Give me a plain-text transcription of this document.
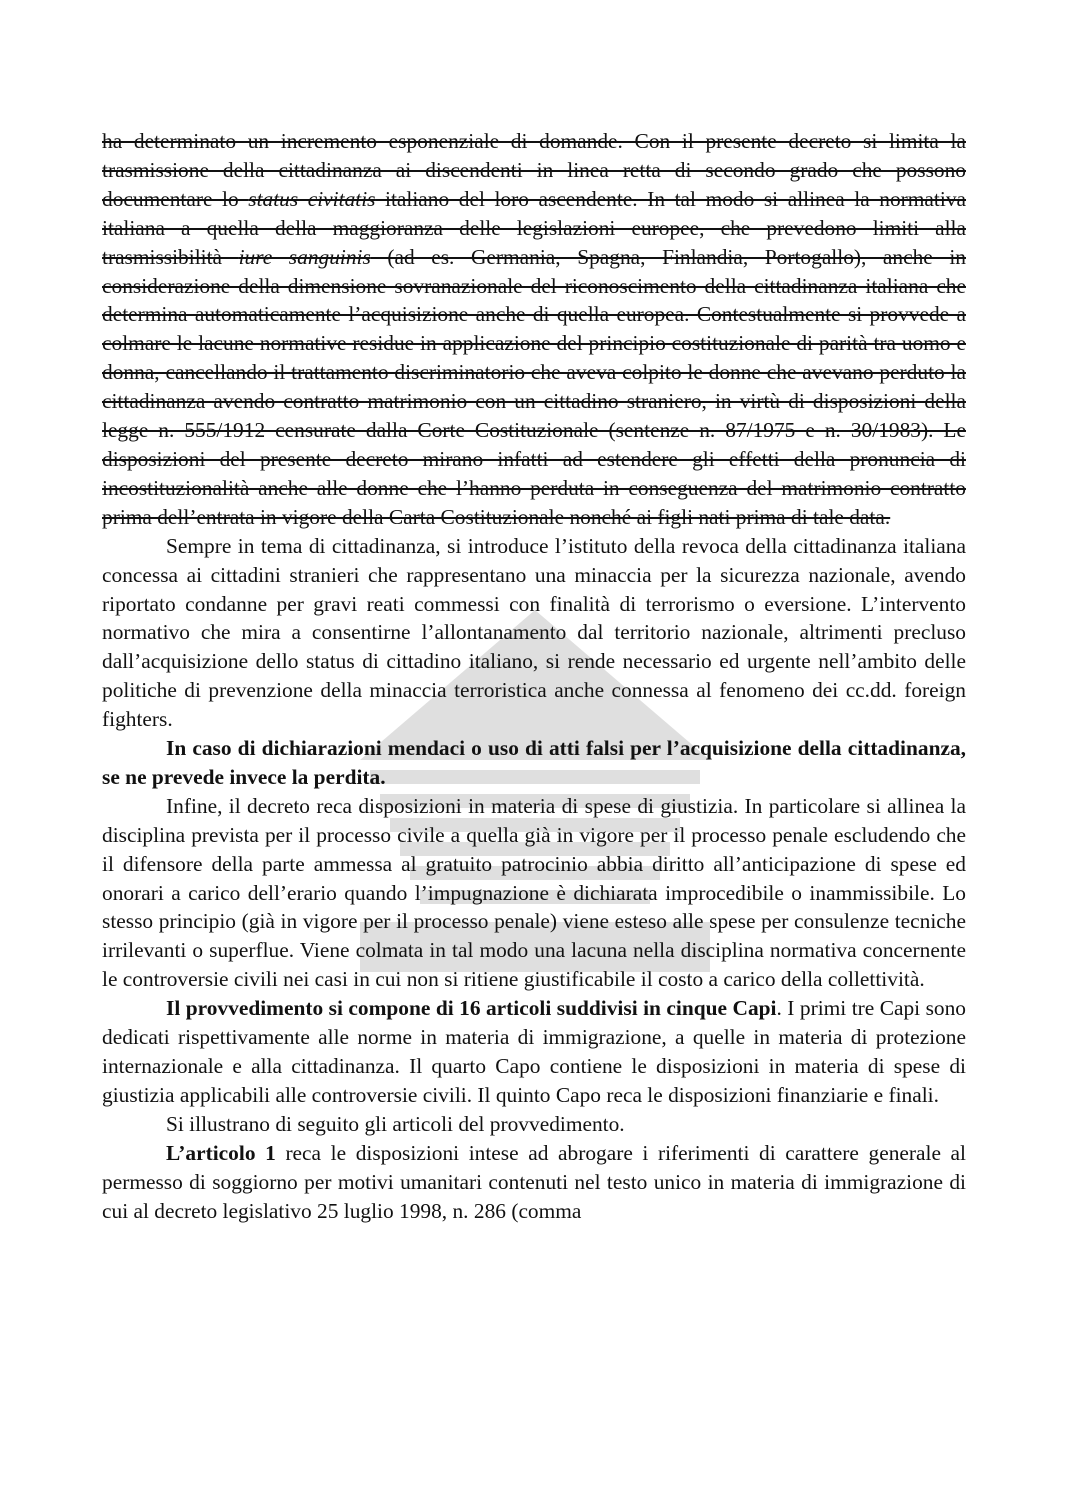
ha determinato un incremento esponenziale di domande. Con il presente decreto si limita la trasmissione della cittadinanza ai discendenti in linea retta di secondo grado che possono documentare lo status civitatis italiano del loro ascendente. In tal modo si allinea la normativa italiana a quella della maggioranza delle legislazioni europee, che prevedono limiti alla trasmissibilità iure sanguinis (ad es. Germania, Spagna, Finlandia, Portogallo), anche in considerazione della dimensione sovranazionale del riconoscimento della cittadinanza italiana che determina automaticamente l’acquisizione anche di quella europea. Contestualmente si provvede a colmare le lacune normative residue in applicazione del principio costituzionale di parità tra uomo e donna, cancellando il trattamento discriminatorio che aveva colpito le donne che avevano perduto la cittadinanza avendo contratto matrimonio con un cittadino straniero, in virtù di disposizioni della legge n. 555/1912 censurate dalla Corte Costituzionale (sentenze n. 87/1975 e n. 30/1983). Le disposizioni del presente decreto mirano infatti ad estendere gli effetti della pronuncia di incostituzionalità anche alle donne che l’hanno perduta in conseguenza del matrimonio contratto prima dell’entrata in vigore della Carta Costituzionale nonché ai figli nati prima di tale data.

Sempre in tema di cittadinanza, si introduce l’istituto della revoca della cittadinanza italiana concessa ai cittadini stranieri che rappresentano una minaccia per la sicurezza nazionale, avendo riportato condanne per gravi reati commessi con finalità di terrorismo o eversione. L’intervento normativo che mira a consentirne l’allontanamento dal territorio nazionale, altrimenti precluso dall’acquisizione dello status di cittadino italiano, si rende necessario ed urgente nell’ambito delle politiche di prevenzione della minaccia terroristica anche connessa al fenomeno dei cc.dd. foreign fighters.

In caso di dichiarazioni mendaci o uso di atti falsi per l’acquisizione della cittadinanza, se ne prevede invece la perdita.

Infine, il decreto reca disposizioni in materia di spese di giustizia. In particolare si allinea la disciplina prevista per il processo civile a quella già in vigore per il processo penale escludendo che il difensore della parte ammessa al gratuito patrocinio abbia diritto all’anticipazione di spese ed onorari a carico dell’erario quando l’impugnazione è dichiarata improcedibile o inammissibile. Lo stesso principio (già in vigore per il processo penale) viene esteso alle spese per consulenze tecniche irrilevanti o superflue. Viene colmata in tal modo una lacuna nella disciplina normativa concernente le controversie civili nei casi in cui non si ritiene giustificabile il costo a carico della collettività.

Il provvedimento si compone di 16 articoli suddivisi in cinque Capi. I primi tre Capi sono dedicati rispettivamente alle norme in materia di immigrazione, a quelle in materia di protezione internazionale e alla cittadinanza. Il quarto Capo contiene le disposizioni in materia di spese di giustizia applicabili alle controversie civili. Il quinto Capo reca le disposizioni finanziarie e finali.

Si illustrano di seguito gli articoli del provvedimento.

L’articolo 1 reca le disposizioni intese ad abrogare i riferimenti di carattere generale al permesso di soggiorno per motivi umanitari contenuti nel testo unico in materia di immigrazione di cui al decreto legislativo 25 luglio 1998, n. 286 (comma
